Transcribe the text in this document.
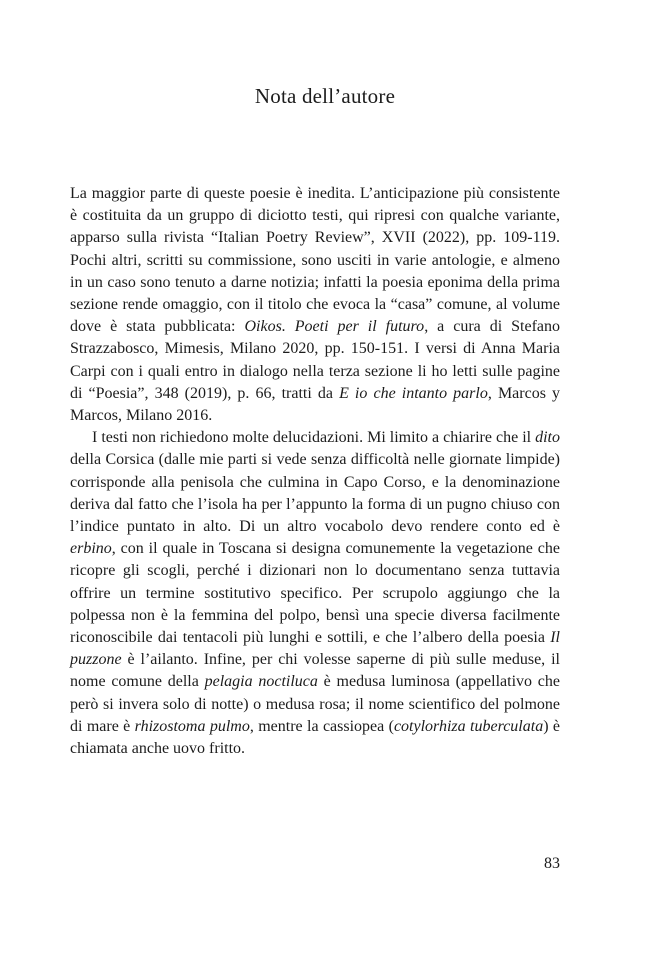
Nota dell’autore

La maggior parte di queste poesie è inedita. L’anticipazione più consistente è costituita da un gruppo di diciotto testi, qui ripresi con qualche variante, apparso sulla rivista “Italian Poetry Review”, XVII (2022), pp. 109-119. Pochi altri, scritti su commissione, sono usciti in varie antologie, e almeno in un caso sono tenuto a darne notizia; infatti la poesia eponima della prima sezione rende omaggio, con il titolo che evoca la “casa” comune, al volume dove è stata pubblicata: Oikos. Poeti per il futuro, a cura di Stefano Strazzabosco, Mimesis, Milano 2020, pp. 150-151. I versi di Anna Maria Carpi con i quali entro in dialogo nella terza sezione li ho letti sulle pagine di “Poesia”, 348 (2019), p. 66, tratti da E io che intanto parlo, Marcos y Marcos, Milano 2016.

I testi non richiedono molte delucidazioni. Mi limito a chiarire che il dito della Corsica (dalle mie parti si vede senza difficoltà nelle giornate limpide) corrisponde alla penisola che culmina in Capo Corso, e la denominazione deriva dal fatto che l’isola ha per l’appunto la forma di un pugno chiuso con l’indice puntato in alto. Di un altro vocabolo devo rendere conto ed è erbino, con il quale in Toscana si designa comunemente la vegetazione che ricopre gli scogli, perché i dizionari non lo documentano senza tuttavia offrire un termine sostitutivo specifico. Per scrupolo aggiungo che la polpessa non è la femmina del polpo, bensì una specie diversa facilmente riconoscibile dai tentacoli più lunghi e sottili, e che l’albero della poesia Il puzzone è l’ailanto. Infine, per chi volesse saperne di più sulle meduse, il nome comune della pelagia noctiluca è medusa luminosa (appellativo che però si invera solo di notte) o medusa rosa; il nome scientifico del polmone di mare è rhizostoma pulmo, mentre la cassiopea (cotylorhiza tuberculata) è chiamata anche uovo fritto.

83
